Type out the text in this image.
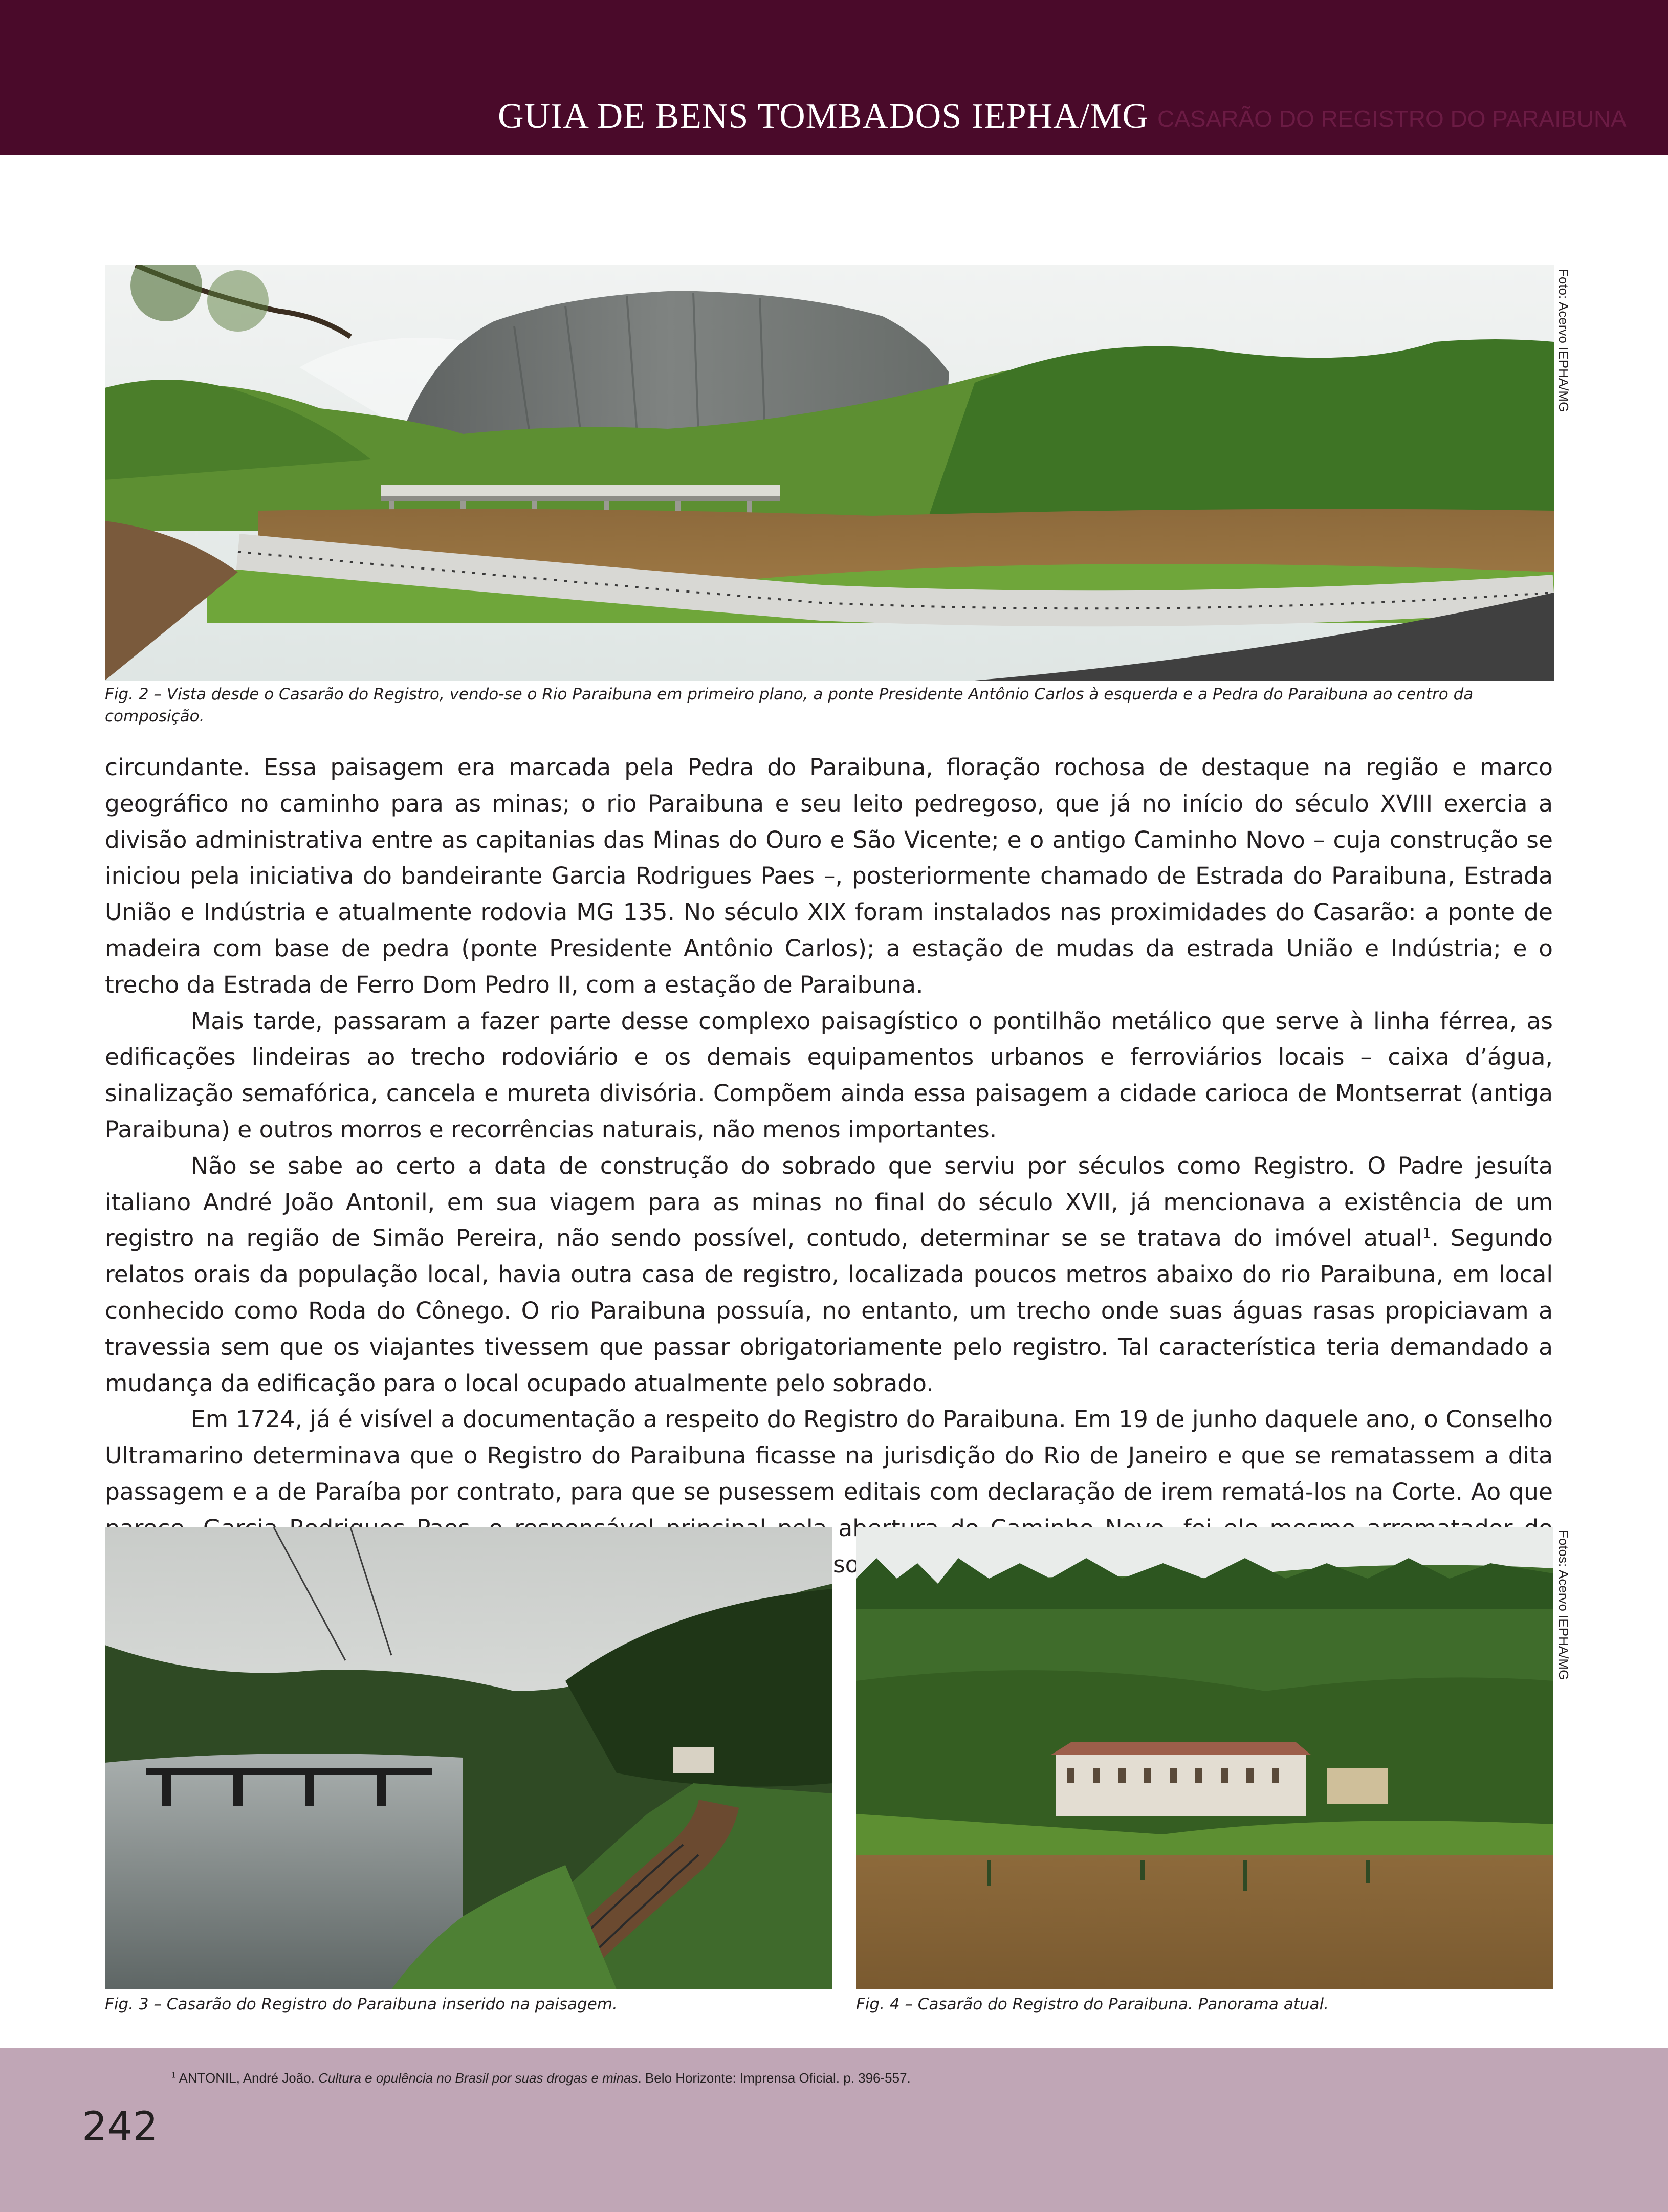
GUIA DE BENS TOMBADOS IEPHA/MG CASARÃO DO REGISTRO DO PARAIBUNA
Foto: Acervo IEPHA/MG
Fig. 2 – Vista desde o Casarão do Registro, vendo-se o Rio Paraibuna em primeiro plano, a ponte Presidente Antônio Carlos à esquerda e a Pedra do Paraibuna ao centro da composição.

circundante. Essa paisagem era marcada pela Pedra do Paraibuna, floração rochosa de destaque na região e marco geográfico no caminho para as minas; o rio Paraibuna e seu leito pedregoso, que já no início do século XVIII exercia a divisão administrativa entre as capitanias das Minas do Ouro e São Vicente; e o antigo Caminho Novo – cuja construção se iniciou pela iniciativa do bandeirante Garcia Rodrigues Paes –, posteriormente chamado de Estrada do Paraibuna, Estrada União e Indústria e atualmente rodovia MG 135. No século XIX foram instalados nas proximidades do Casarão: a ponte de madeira com base de pedra (ponte Presidente Antônio Carlos); a estação de mudas da estrada União e Indústria; e o trecho da Estrada de Ferro Dom Pedro II, com a estação de Paraibuna.

Mais tarde, passaram a fazer parte desse complexo paisagístico o pontilhão metálico que serve à linha férrea, as edificações lindeiras ao trecho rodoviário e os demais equipamentos urbanos e ferroviários locais – caixa d’água, sinalização semafórica, cancela e mureta divisória. Compõem ainda essa paisagem a cidade carioca de Montserrat (antiga Paraibuna) e outros morros e recorrências naturais, não menos importantes.

Não se sabe ao certo a data de construção do sobrado que serviu por séculos como Registro. O Padre jesuíta italiano André João Antonil, em sua viagem para as minas no final do século XVII, já mencionava a existência de um registro na região de Simão Pereira, não sendo possível, contudo, determinar se se tratava do imóvel atual$^1$. Segundo relatos orais da população local, havia outra casa de registro, localizada poucos metros abaixo do rio Paraibuna, em local conhecido como Roda do Cônego. O rio Paraibuna possuía, no entanto, um trecho onde suas águas rasas propiciavam a travessia sem que os viajantes tivessem que passar obrigatoriamente pelo registro. Tal característica teria demandado a mudança da edificação para o local ocupado atualmente pelo sobrado.

Em 1724, já é visível a documentação a respeito do Registro do Paraibuna. Em 19 de junho daquele ano, o Conselho Ultramarino determinava que o Registro do Paraibuna ficasse na jurisdição do Rio de Janeiro e que se rematassem a dita passagem e a de Paraíba por contrato, para que se pusessem editais com declaração de irem rematá-los na Corte. Ao que passou

Fig. 3 – Casarão do Registro do Paraibuna inserido na paisagem.
Fotos: Acervo IEPHA/MG
Fig. 4 – Casarão do Registro do Paraibuna. Panorama atual.
$^1$ ANTONIL, André João. Cultura e opulência no Brasil por suas drogas e minas. Belo Horizonte: Imprensa Oficial. p. 396-557.
242
